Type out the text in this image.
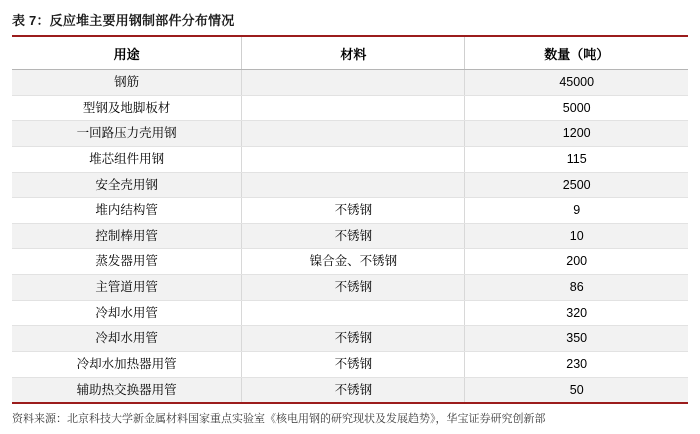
表 7：反应堆主要用钢制部件分布情况
用途	材料	数量（吨）
钢筋		45000
型钢及地脚板材		5000
一回路压力壳用钢		1200
堆芯组件用钢		115
安全壳用钢		2500
堆内结构管	不锈钢	9
控制棒用管	不锈钢	10
蒸发器用管	镍合金、不锈钢	200
主管道用管	不锈钢	86
冷却水用管		320
冷却水用管	不锈钢	350
冷却水加热器用管	不锈钢	230
辅助热交换器用管	不锈钢	50
资料来源：北京科技大学新金属材料国家重点实验室《核电用钢的研究现状及发展趋势》，华宝证券研究创新部
